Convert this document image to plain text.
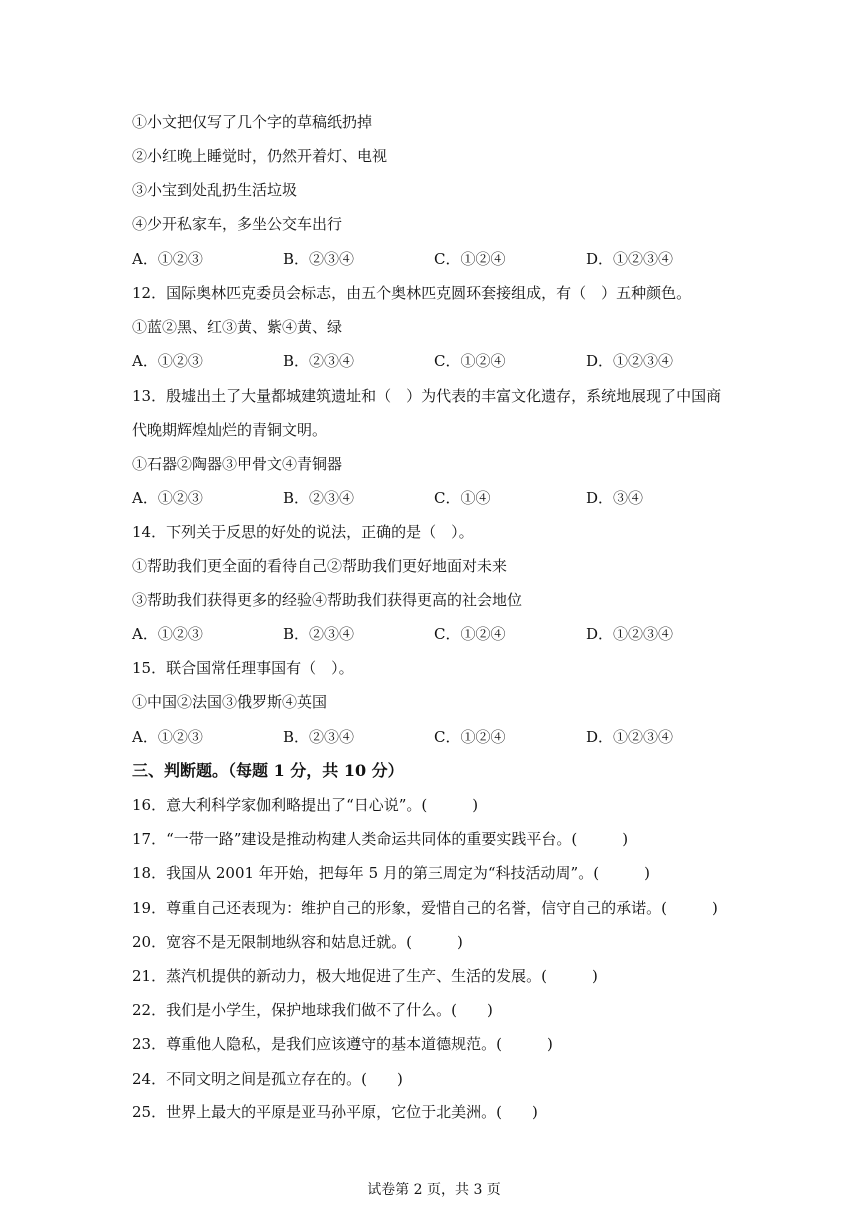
①小文把仅写了几个字的草稿纸扔掉
②小红晚上睡觉时，仍然开着灯、电视
③小宝到处乱扔生活垃圾
④少开私家车，多坐公交车出行
A．①②③	B．②③④	C．①②④	D．①②③④
12．国际奥林匹克委员会标志，由五个奥林匹克圆环套接组成，有（　）五种颜色。
①蓝②黑、红③黄、紫④黄、绿
A．①②③	B．②③④	C．①②④	D．①②③④
13．殷墟出土了大量都城建筑遗址和（　）为代表的丰富文化遗存，系统地展现了中国商
代晚期辉煌灿烂的青铜文明。
①石器②陶器③甲骨文④青铜器
A．①②③	B．②③④	C．①④	D．③④
14．下列关于反思的好处的说法，正确的是（　）。
①帮助我们更全面的看待自己②帮助我们更好地面对未来
③帮助我们获得更多的经验④帮助我们获得更高的社会地位
A．①②③	B．②③④	C．①②④	D．①②③④
15．联合国常任理事国有（　）。
①中国②法国③俄罗斯④英国
A．①②③	B．②③④	C．①②④	D．①②③④
三、判断题。（每题 1 分，共 10 分）
16．意大利科学家伽利略提出了“日心说”。(　　　)
17．“一带一路”建设是推动构建人类命运共同体的重要实践平台。(　　　)
18．我国从 2001 年开始，把每年 5 月的第三周定为“科技活动周”。(　　　)
19．尊重自己还表现为：维护自己的形象，爱惜自己的名誉，信守自己的承诺。(　　　)
20．宽容不是无限制地纵容和姑息迁就。(　　　)
21．蒸汽机提供的新动力，极大地促进了生产、生活的发展。(　　　)
22．我们是小学生，保护地球我们做不了什么。(　　)
23．尊重他人隐私，是我们应该遵守的基本道德规范。(　　　)
24．不同文明之间是孤立存在的。(　　)
25．世界上最大的平原是亚马孙平原，它位于北美洲。(　　)
试卷第 2 页，共 3 页
